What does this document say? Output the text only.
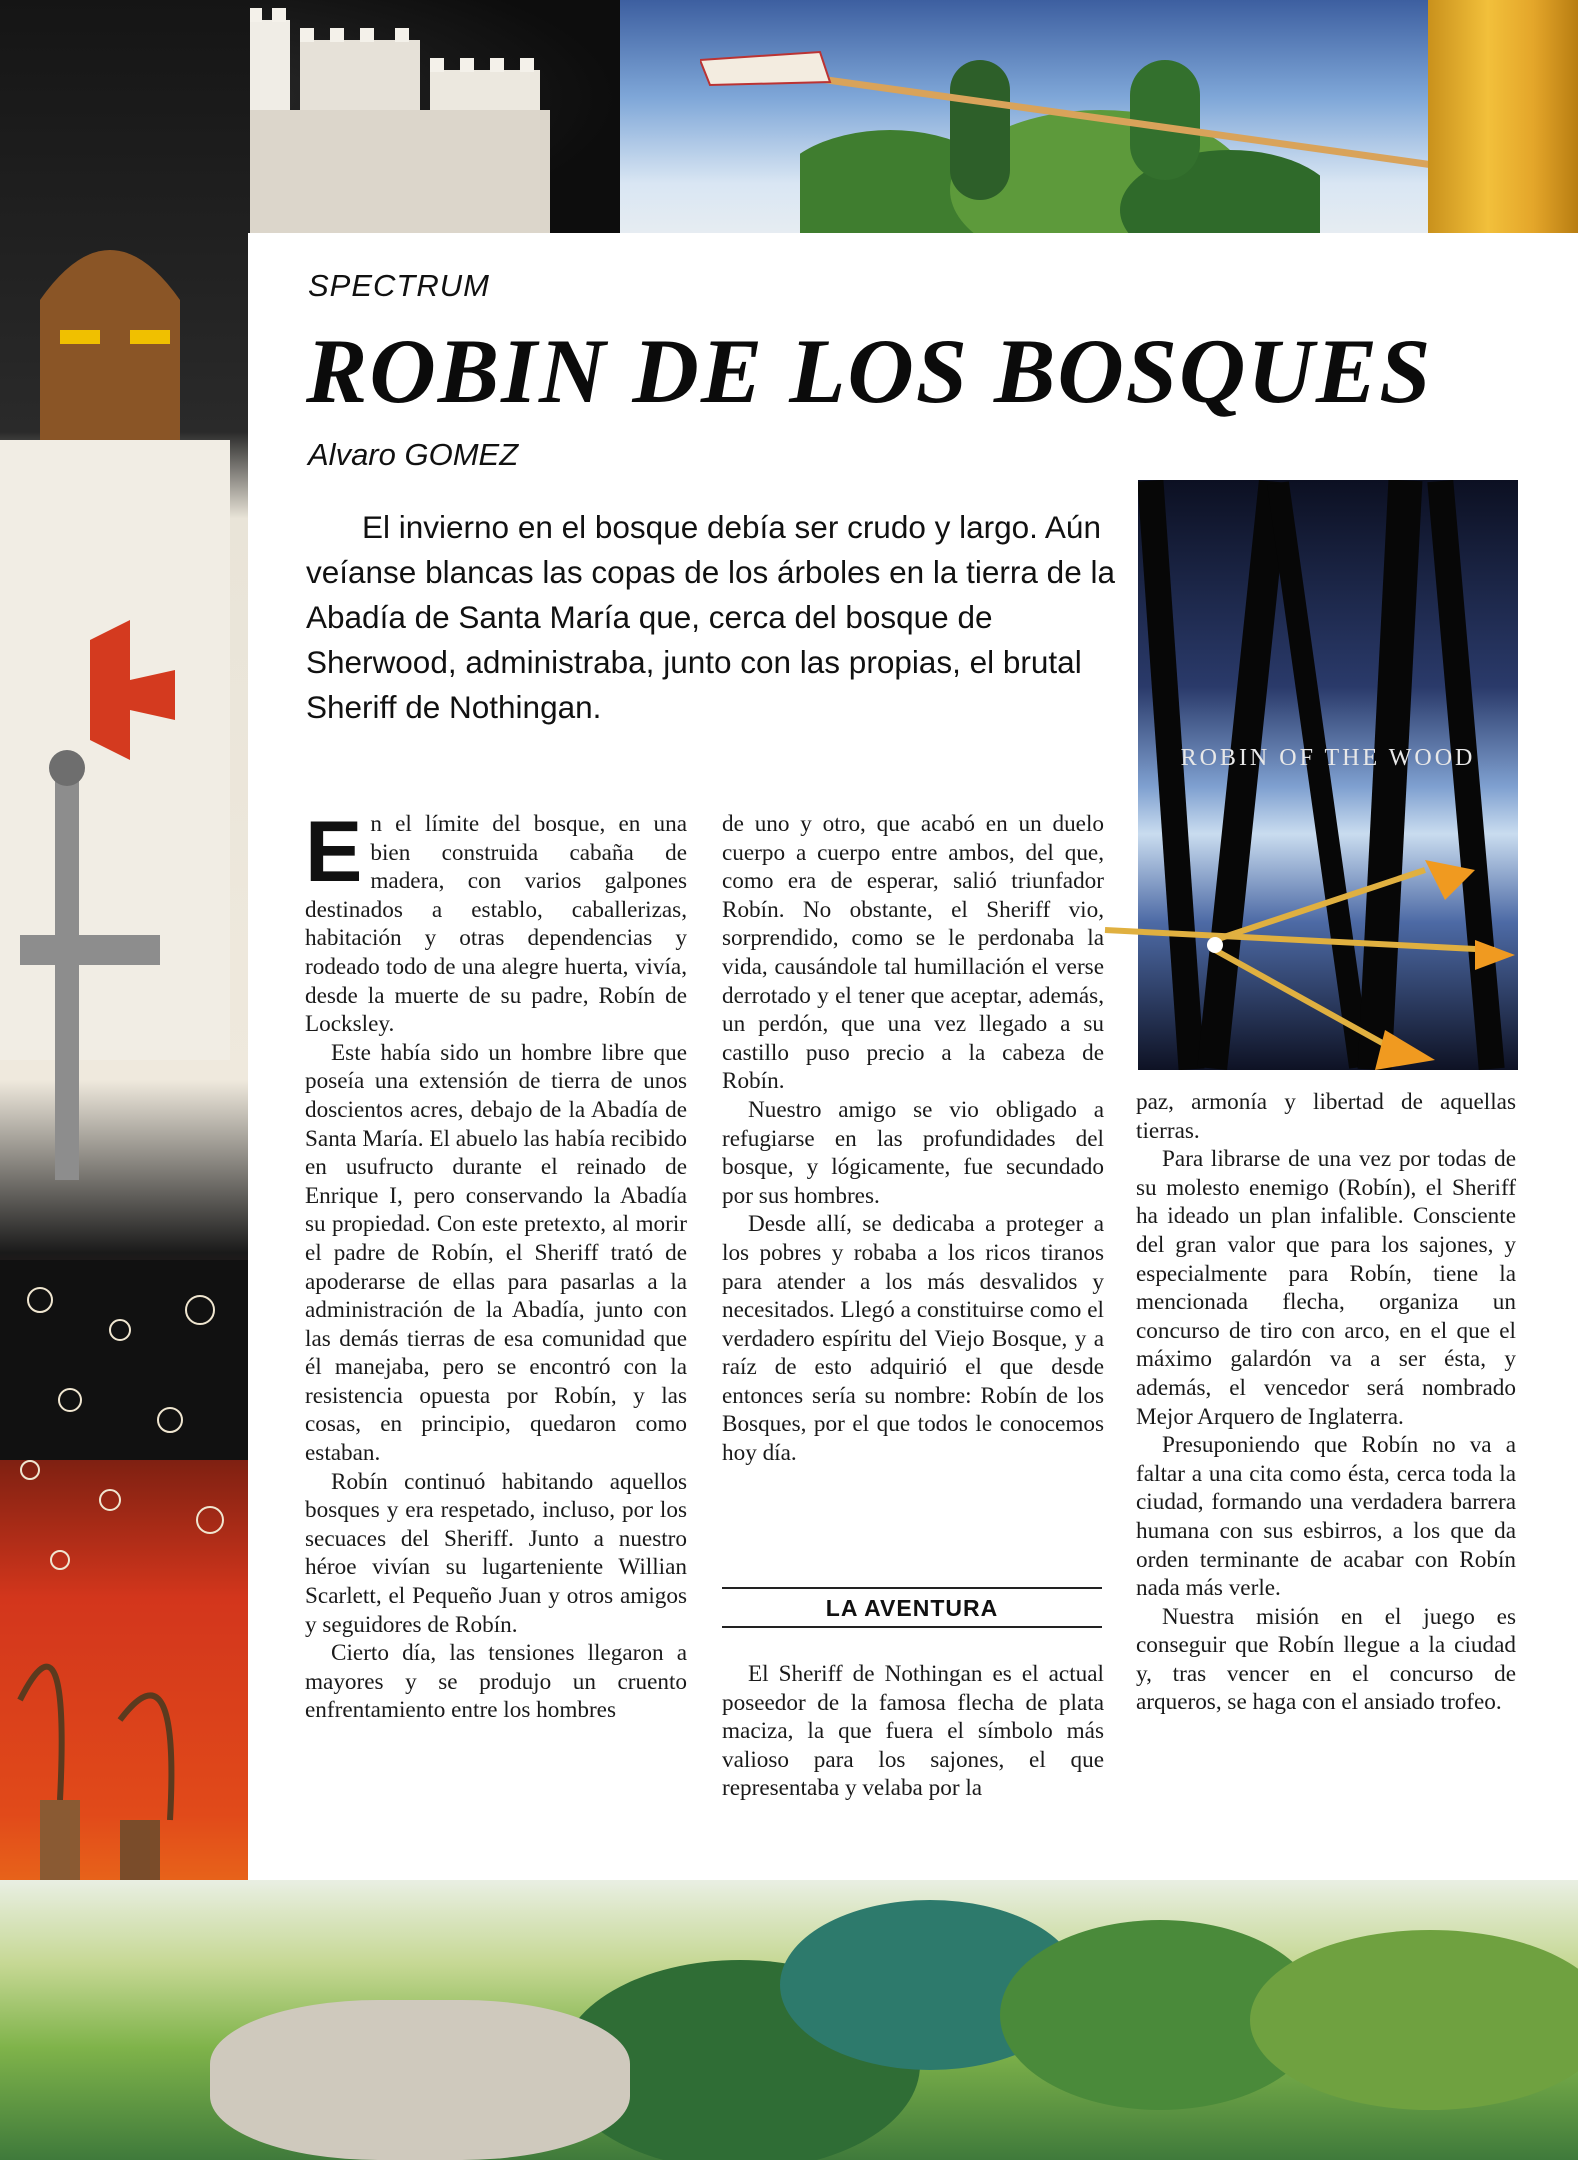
SPECTRUM
ROBIN DE LOS BOSQUES
Alvaro GOMEZ

El invierno en el bosque debía ser crudo y largo. Aún veíanse blancas las copas de los árboles en la tierra de la Abadía de Santa María que, cerca del bosque de Sherwood, administraba, junto con las propias, el brutal Sheriff de Nothingan.

ROBIN OF THE WOOD

En el límite del bosque, en una bien construida cabaña de madera, con varios galpones destinados a establo, caballerizas, habitación y otras dependencias y rodeado todo de una alegre huerta, vivía, desde la muerte de su padre, Robín de Locksley.

Este había sido un hombre libre que poseía una extensión de tierra de unos doscientos acres, debajo de la Abadía de Santa María. El abuelo las había recibido en usufructo durante el reinado de Enrique I, pero conservando la Abadía su propiedad. Con este pretexto, al morir el padre de Robín, el Sheriff trató de apoderarse de ellas para pasarlas a la administración de la Abadía, junto con las demás tierras de esa comunidad que él manejaba, pero se encontró con la resistencia opuesta por Robín, y las cosas, en principio, quedaron como estaban.

Robín continuó habitando aquellos bosques y era respetado, incluso, por los secuaces del Sheriff. Junto a nuestro héroe vivían su lugarteniente Willian Scarlett, el Pequeño Juan y otros amigos y seguidores de Robín.

Cierto día, las tensiones llegaron a mayores y se produjo un cruento enfrentamiento entre los hombres

de uno y otro, que acabó en un duelo cuerpo a cuerpo entre ambos, del que, como era de esperar, salió triunfador Robín. No obstante, el Sheriff vio, sorprendido, como se le perdonaba la vida, causándole tal humillación el verse derrotado y el tener que aceptar, además, un perdón, que una vez llegado a su castillo puso precio a la cabeza de Robín.

Nuestro amigo se vio obligado a refugiarse en las profundidades del bosque, y lógicamente, fue secundado por sus hombres.

Desde allí, se dedicaba a proteger a los pobres y robaba a los ricos tiranos para atender a los más desvalidos y necesitados. Llegó a constituirse como el verdadero espíritu del Viejo Bosque, y a raíz de esto adquirió el que desde entonces sería su nombre: Robín de los Bosques, por el que todos le conocemos hoy día.

LA AVENTURA

El Sheriff de Nothingan es el actual poseedor de la famosa flecha de plata maciza, la que fuera el símbolo más valioso para los sajones, el que representaba y velaba por la

paz, armonía y libertad de aquellas tierras.

Para librarse de una vez por todas de su molesto enemigo (Robín), el Sheriff ha ideado un plan infalible. Consciente del gran valor que para los sajones, y especialmente para Robín, tiene la mencionada flecha, organiza un concurso de tiro con arco, en el que el máximo galardón va a ser ésta, y además, el vencedor será nombrado Mejor Arquero de Inglaterra.

Presuponiendo que Robín no va a faltar a una cita como ésta, cerca toda la ciudad, formando una verdadera barrera humana con sus esbirros, a los que da orden terminante de acabar con Robín nada más verle.

Nuestra misión en el juego es conseguir que Robín llegue a la ciudad y, tras vencer en el concurso de arqueros, se haga con el ansiado trofeo.
